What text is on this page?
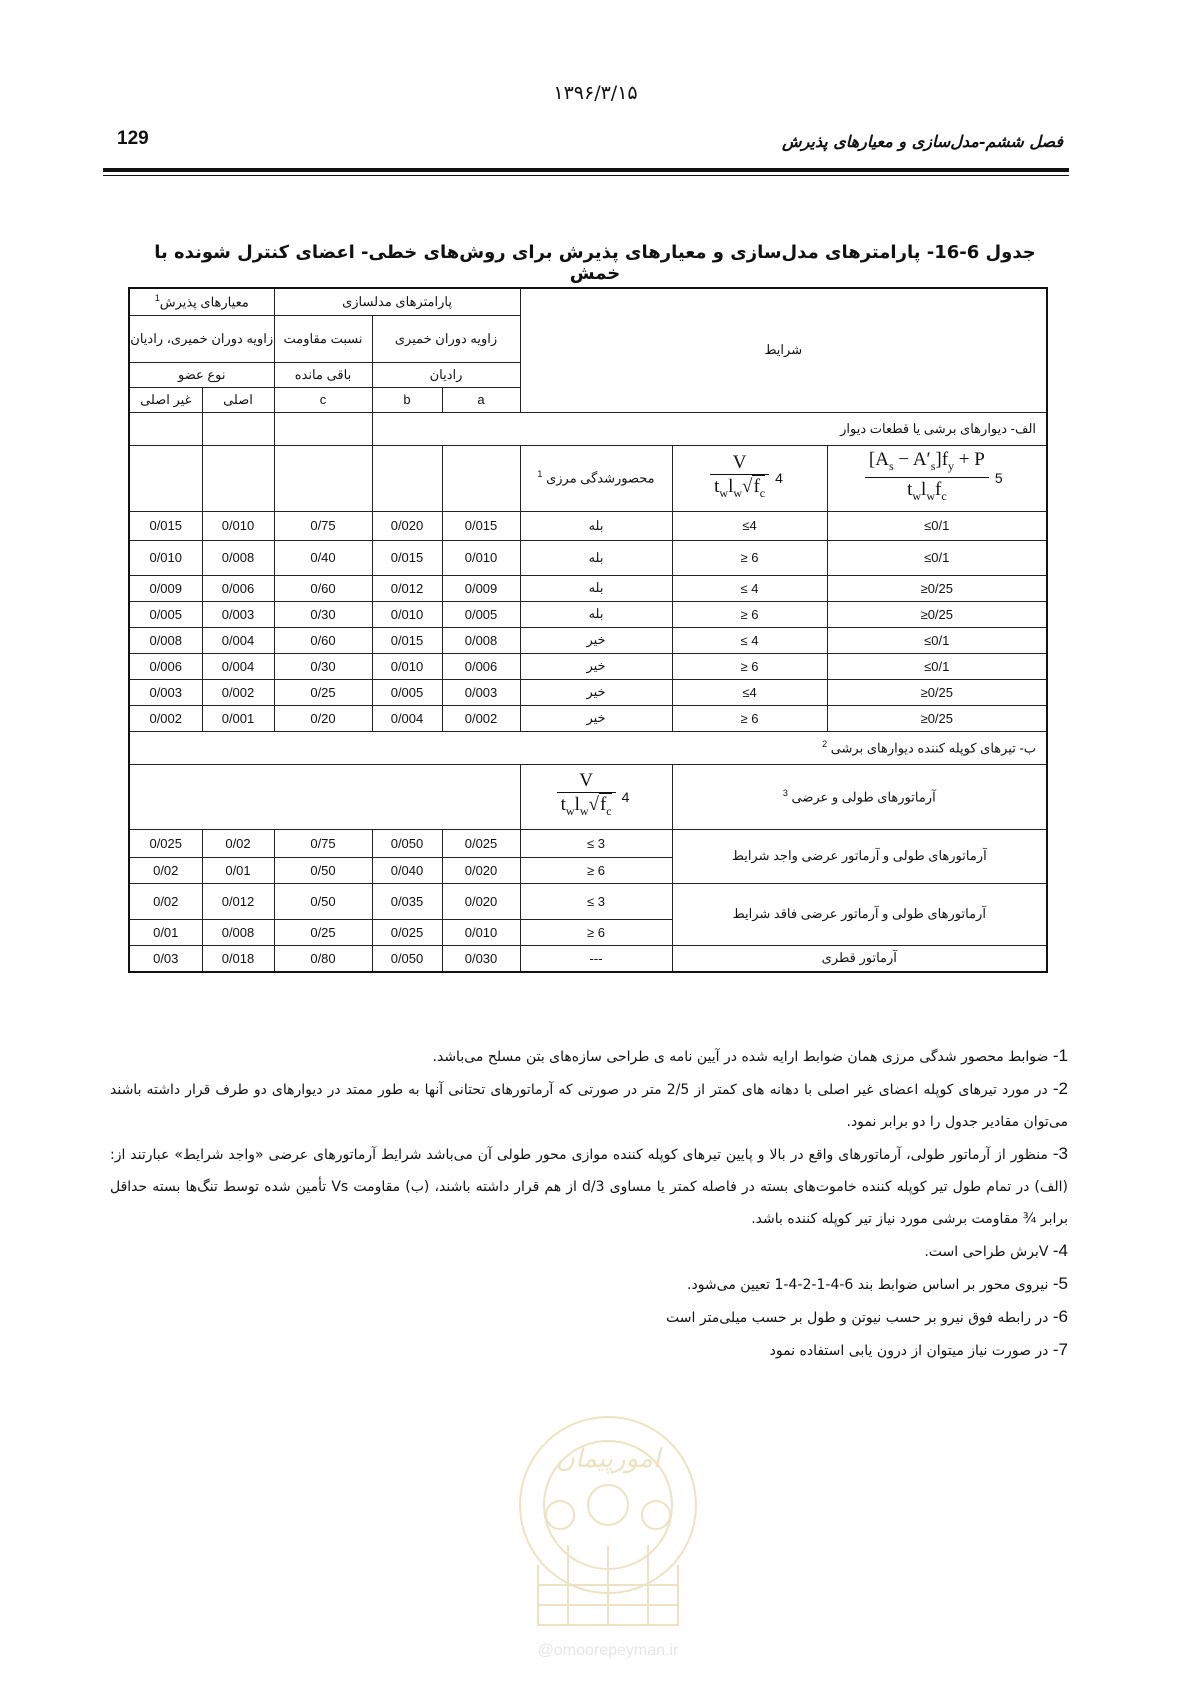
۱۳۹۶/۳/۱۵
129	فصل ششم-مدل‌سازی و معیارهای پذیرش
جدول 6-16- پارامترهای مدل‌سازی و معیارهای پذیرش برای روش‌های خطی- اعضای کنترل شونده با خمش
معیارهای پذیرش$^1$		پارامترهای مدلسازی			شرایط		
زاویه دوران خمیری، رادیان		نسبت مقاومت	زاویه دوران خمیری				
نوع عضو		باقی مانده	رادیان				
غیر اصلی	اصلی	c	b	a			
			الف- دیوارهای برشی یا قطعات دیوار				
					محصورشدگی مرزی $^1$	$\frac{V}{t_wl_w√f_c} 4$	$\frac{[A_s - A'_s]f_y + P}{t_wl_wf_c} 5$
0/015	0/010	0/75	0/020	0/015	بله	≤4	≤0/1
0/010	0/008	0/40	0/015	0/010	بله	≥ 6	≤0/1
0/009	0/006	0/60	0/012	0/009	بله	≤ 4	≥0/25
0/005	0/003	0/30	0/010	0/005	بله	≥ 6	≥0/25
0/008	0/004	0/60	0/015	0/008	خیر	≤ 4	≤0/1
0/006	0/004	0/30	0/010	0/006	خیر	≥ 6	≤0/1
0/003	0/002	0/25	0/005	0/003	خیر	≤4	≥0/25
0/002	0/001	0/20	0/004	0/002	خیر	≥ 6	≥0/25
ب- تیرهای کوپله کننده دیوارهای برشی $^2$

					$\frac{V}{t_wl_w√f_c} 4$	آرماتورهای طولی و عرضی $^3$
0/025	0/02	0/75	0/050	0/025	≤ 3	آرماتورهای طولی و آرماتور عرضی واجد شرایط	
0/02	0/01	0/50	0/040	0/020	≥ 6		
0/02	0/012	0/50	0/035	0/020	≤ 3	آرماتورهای طولی و آرماتور عرضی فاقد شرایط	
0/01	0/008	0/25	0/025	0/010	≥ 6		
0/03	0/018	0/80	0/050	0/030	---	آرماتور قطری	

1- ضوابط محصور شدگی مرزی همان ضوابط ارایه شده در آیین نامه ی طراحی سازه‌های بتن مسلح می‌باشد.

2- در مورد تیرهای کوپله اعضای غیر اصلی با دهانه های کمتر از 2/5 متر در صورتی که آرماتورهای تحتانی آنها به طور ممتد در دیوارهای دو طرف قرار داشته باشند می‌توان مقادیر جدول را دو برابر نمود.

3- منظور از آرماتور طولی، آرماتورهای واقع در بالا و پایین تیرهای کوپله کننده موازی محور طولی آن می‌باشد شرایط آرماتورهای عرضی «واجد شرایط» عبارتند از: (الف) در تمام طول تیر کوپله کننده خاموت‌های بسته در فاصله کمتر یا مساوی d/3 از هم قرار داشته باشند، (ب) مقاومت Vs تأمین شده توسط تنگ‌ها بسته حداقل برابر ¾ مقاومت برشی مورد نیاز تیر کوپله کننده باشد.

4- Vبرش طراحی است.

5- نیروی محور بر اساس ضوابط بند 6-4-1-2-4-1 تعیین می‌شود.

6- در رابطه فوق نیرو بر حسب نیوتن و طول بر حسب میلی‌متر است

7- در صورت نیاز میتوان از درون یابی استفاده نمود

امورپیمان
@omoorepeyman.ir
